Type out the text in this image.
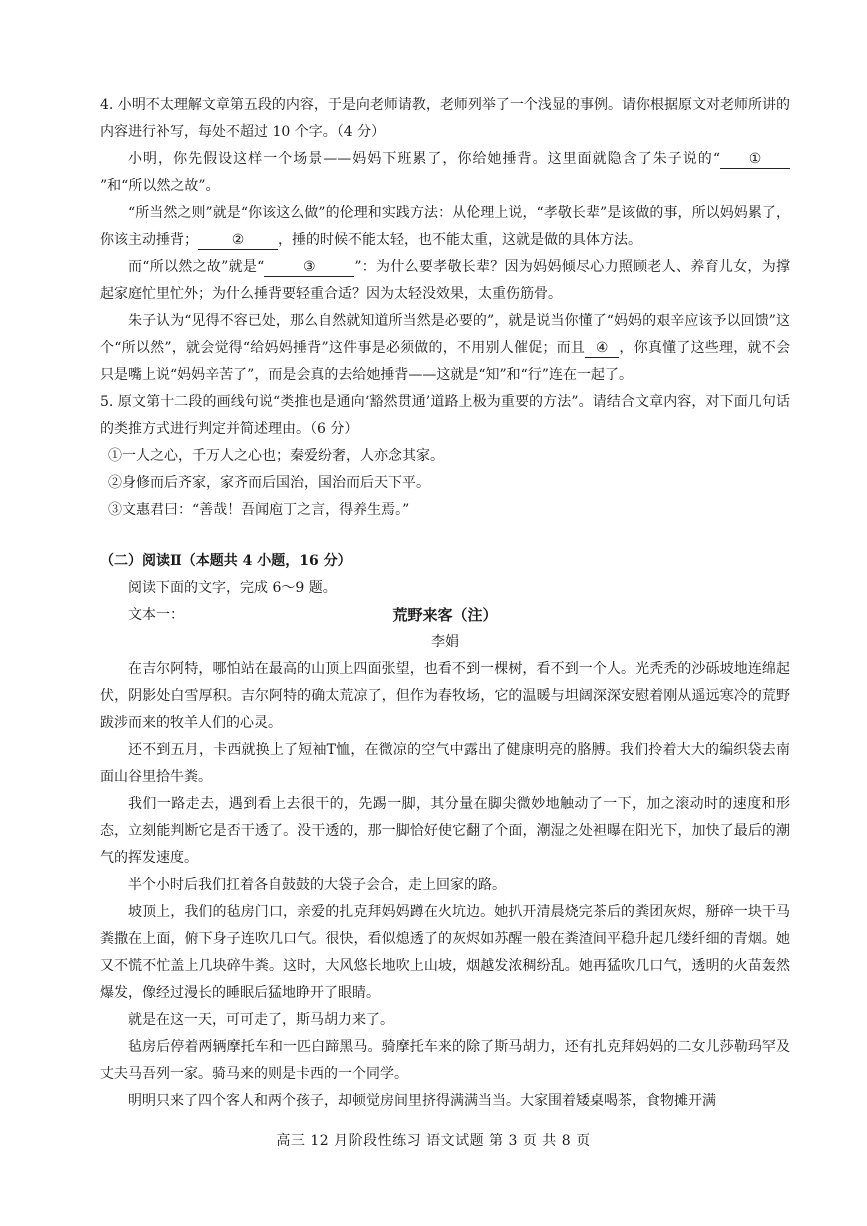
4. 小明不太理解文章第五段的内容，于是向老师请教，老师列举了一个浅显的事例。请你根据原文对老师所讲的内容进行补写，每处不超过 10 个字。（4 分）

小明，你先假设这样一个场景——妈妈下班累了，你给她捶背。这里面就隐含了朱子说的“ ①”和“所以然之故”。

“所当然之则”就是“你该这么做”的伦理和实践方法：从伦理上说，“孝敬长辈”是该做的事，所以妈妈累了，你该主动捶背； ② ，捶的时候不能太轻，也不能太重，这就是做的具体方法。

而“所以然之故”就是“	③	”：为什么要孝敬长辈？因为妈妈倾尽心力照顾老人、养育儿女，为撑起家庭忙里忙外；为什么捶背要轻重合适？因为太轻没效果，太重伤筋骨。

朱子认为“见得不容已处，那么自然就知道所当然是必要的”，就是说当你懂了“妈妈的艰辛应该予以回馈”这个“所以然”，就会觉得“给妈妈捶背”这件事是必须做的，不用别人催促；而且 ④ ，你真懂了这些理，就不会只是嘴上说“妈妈辛苦了”，而是会真的去给她捶背——这就是“知”和“行”连在一起了。

5. 原文第十二段的画线句说“类推也是通向‘豁然贯通’道路上极为重要的方法”。请结合文章内容，对下面几句话的类推方式进行判定并简述理由。（6 分）

①一人之心，千万人之心也；秦爱纷奢，人亦念其家。

②身修而后齐家，家齐而后国治，国治而后天下平。

③文惠君曰：“善哉！吾闻庖丁之言，得养生焉。”

（二）阅读Ⅱ（本题共 4 小题，16 分）

阅读下面的文字，完成 6～9 题。

文本一：	荒野来客（注）

李娟

在吉尔阿特，哪怕站在最高的山顶上四面张望，也看不到一棵树，看不到一个人。光秃秃的沙砾坡地连绵起伏，阴影处白雪厚积。吉尔阿特的确太荒凉了，但作为春牧场，它的温暖与坦阔深深安慰着刚从遥远寒冷的荒野跋涉而来的牧羊人们的心灵。

还不到五月，卡西就换上了短袖T恤，在微凉的空气中露出了健康明亮的胳膊。我们拎着大大的编织袋去南面山谷里拾牛粪。

我们一路走去，遇到看上去很干的，先踢一脚，其分量在脚尖微妙地触动了一下，加之滚动时的速度和形态，立刻能判断它是否干透了。没干透的，那一脚恰好使它翻了个面，潮湿之处袒曝在阳光下，加快了最后的潮气的挥发速度。

半个小时后我们扛着各自鼓鼓的大袋子会合，走上回家的路。

坡顶上，我们的毡房门口，亲爱的扎克拜妈妈蹲在火坑边。她扒开清晨烧完茶后的粪团灰烬，掰碎一块干马粪撒在上面，俯下身子连吹几口气。很快，看似熄透了的灰烬如苏醒一般在粪渣间平稳升起几缕纤细的青烟。她又不慌不忙盖上几块碎牛粪。这时，大风悠长地吹上山坡，烟越发浓稠纷乱。她再猛吹几口气，透明的火苗轰然爆发，像经过漫长的睡眠后猛地睁开了眼睛。

就是在这一天，可可走了，斯马胡力来了。

毡房后停着两辆摩托车和一匹白蹄黑马。骑摩托车来的除了斯马胡力，还有扎克拜妈妈的二女儿莎勒玛罕及丈夫马吾列一家。骑马来的则是卡西的一个同学。

明明只来了四个客人和两个孩子，却顿觉房间里挤得满满当当。大家围着矮桌喝茶，食物摊开满

高三 12 月阶段性练习 语文试题 第 3 页 共 8 页
